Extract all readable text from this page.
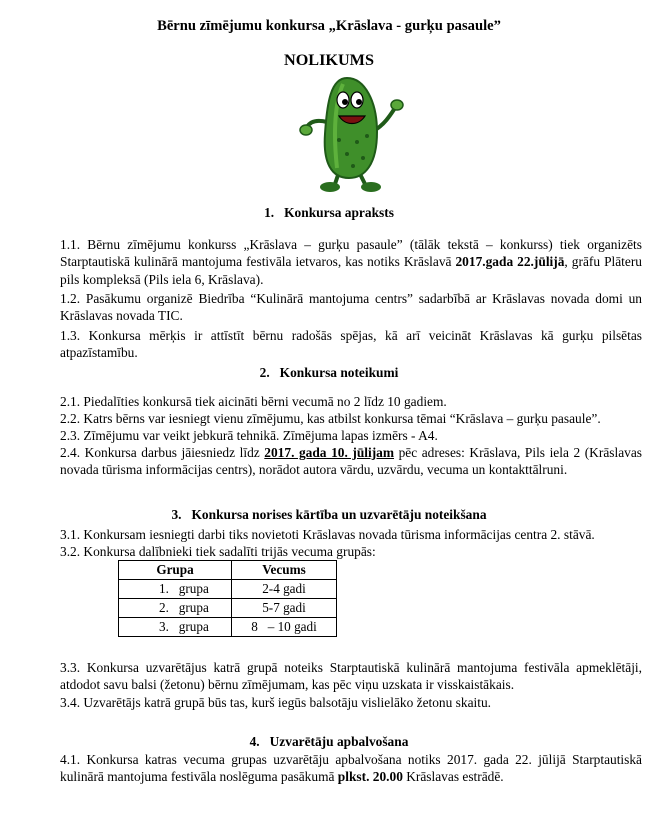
Bērnu zīmējumu konkursa „Krāslava - gurķu pasaule”
NOLIKUMS
1. Konkursa apraksts
1.1. Bērnu zīmējumu konkurss „Krāslava – gurķu pasaule” (tālāk tekstā – konkurss) tiek organizēts Starptautiskā kulinārā mantojuma festivāla ietvaros, kas notiks Krāslavā 2017.gada 22.jūlijā, grāfu Plāteru pils kompleksā (Pils iela 6, Krāslava).
1.2. Pasākumu organizē Biedrība “Kulinārā mantojuma centrs” sadarbībā ar Krāslavas novada domi un Krāslavas novada TIC.
1.3. Konkursa mērķis ir attīstīt bērnu radošās spējas, kā arī veicināt Krāslavas kā gurķu pilsētas atpazīstamību.
2. Konkursa noteikumi
2.1. Piedalīties konkursā tiek aicināti bērni vecumā no 2 līdz 10 gadiem.
2.2. Katrs bērns var iesniegt vienu zīmējumu, kas atbilst konkursa tēmai “Krāslava – gurķu pasaule”.
2.3. Zīmējumu var veikt jebkurā tehnikā. Zīmējuma lapas izmērs - A4.
2.4. Konkursa darbus jāiesniedz līdz 2017. gada 10. jūlijam pēc adreses: Krāslava, Pils iela 2 (Krāslavas novada tūrisma informācijas centrs), norādot autora vārdu, uzvārdu, vecuma un kontakttālruni.
3. Konkursa norises kārtība un uzvarētāju noteikšana
3.1. Konkursam iesniegti darbi tiks novietoti Krāslavas novada tūrisma informācijas centra 2. stāvā.
3.2. Konkursa dalībnieki tiek sadalīti trijās vecuma grupās:
Grupa	Vecums
1.   grupa	2-4 gadi
2.   grupa	5-7 gadi
3.   grupa	8   – 10 gadi
3.3. Konkursa uzvarētājus katrā grupā noteiks Starptautiskā kulinārā mantojuma festivāla apmeklētāji, atdodot savu balsi (žetonu) bērnu zīmējumam, kas pēc viņu uzskata ir visskaistākais.
3.4. Uzvarētājs katrā grupā būs tas, kurš iegūs balsotāju vislielāko žetonu skaitu.
4. Uzvarētāju apbalvošana
4.1. Konkursa katras vecuma grupas uzvarētāju apbalvošana notiks 2017. gada 22. jūlijā Starptautiskā kulinārā mantojuma festivāla noslēguma pasākumā plkst. 20.00 Krāslavas estrādē.
